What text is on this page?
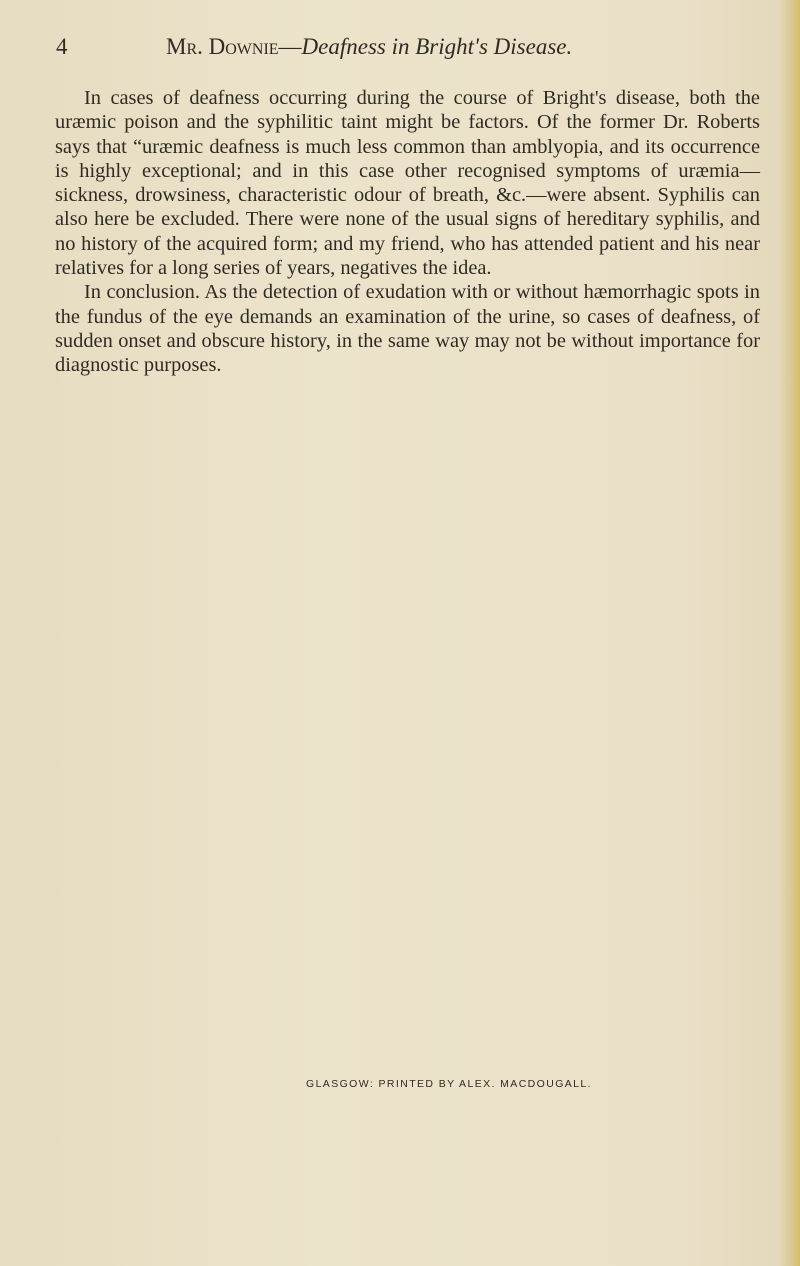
4	Mr. Downie—Deafness in Bright's Disease.

In cases of deafness occurring during the course of Bright's disease, both the uræmic poison and the syphilitic taint might be factors. Of the former Dr. Roberts says that “uræmic deafness is much less common than amblyopia, and its occurrence is highly exceptional; and in this case other recognised symptoms of uræmia—sickness, drowsiness, characteristic odour of breath, &c.—were absent. Syphilis can also here be excluded. There were none of the usual signs of hereditary syphilis, and no history of the acquired form; and my friend, who has attended patient and his near relatives for a long series of years, negatives the idea.

In conclusion. As the detection of exudation with or without hæmorrhagic spots in the fundus of the eye demands an examination of the urine, so cases of deafness, of sudden onset and obscure history, in the same way may not be without importance for diagnostic purposes.

GLASGOW: PRINTED BY ALEX. MACDOUGALL.
